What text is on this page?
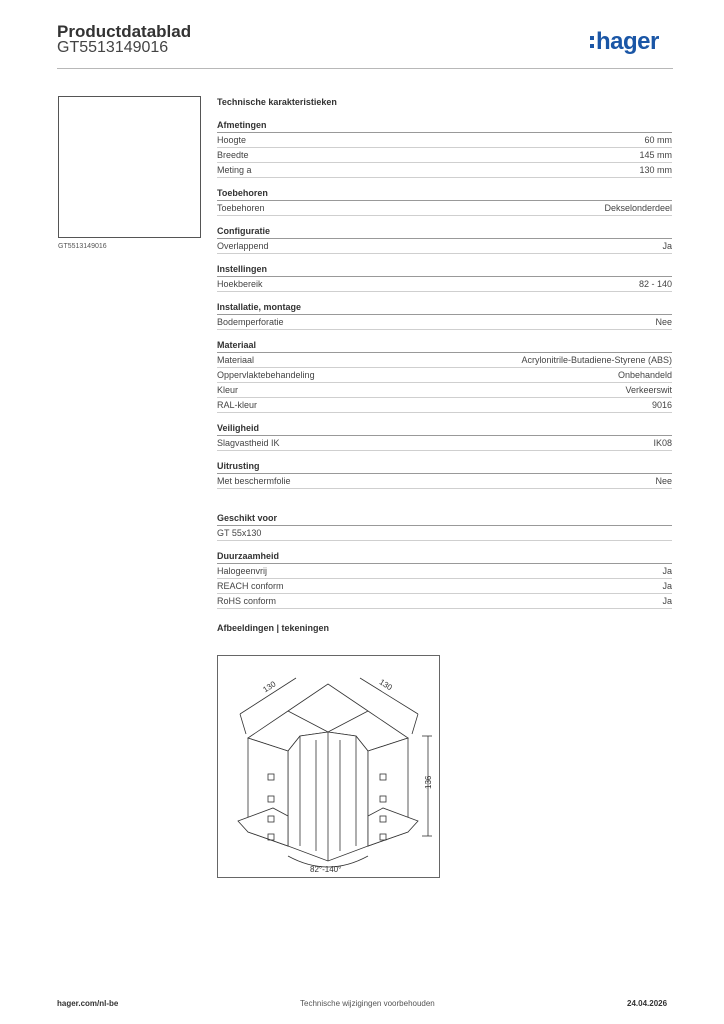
Productdatablad
GT5513149016	hager
GT5513149016
Technische karakteristieken
Afmetingen
Hoogte	60 mm
Breedte	145 mm
Meting a	130 mm
Toebehoren
Toebehoren	Dekselonderdeel
Configuratie
Overlappend	Ja
Instellingen
Hoekbereik	82 - 140
Installatie, montage
Bodemperforatie	Nee
Materiaal
Materiaal	Acrylonitrile-Butadiene-Styrene (ABS)
Oppervlaktebehandeling	Onbehandeld
Kleur	Verkeerswit
RAL-kleur	9016
Veiligheid
Slagvastheid IK	IK08
Uitrusting
Met beschermfolie	Nee
Geschikt voor
GT 55x130
Duurzaamheid
Halogeenvrij	Ja
REACH conform	Ja
RoHS conform	Ja
Afbeeldingen | tekeningen
130	130
136
82°-140°
hager.com/nl-be	Technische wijzigingen voorbehouden	24.04.2026
